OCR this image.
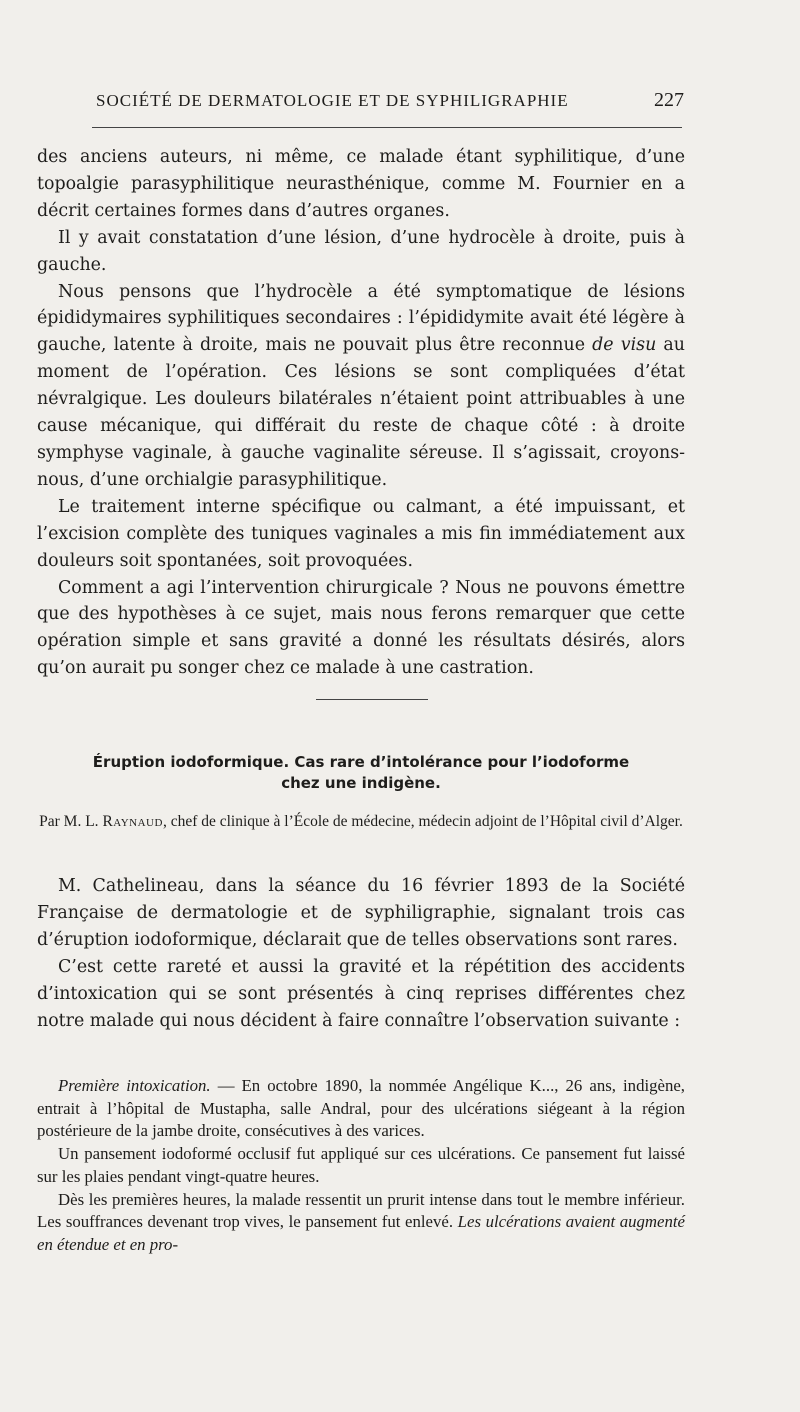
SOCIÉTÉ DE DERMATOLOGIE ET DE SYPHILIGRAPHIE	227

des anciens auteurs, ni même, ce malade étant syphilitique, d’une topoalgie parasyphilitique neurasthénique, comme M. Fournier en a décrit certaines formes dans d’autres organes.

Il y avait constatation d’une lésion, d’une hydrocèle à droite, puis à gauche.

Nous pensons que l’hydrocèle a été symptomatique de lésions épididymaires syphilitiques secondaires : l’épididymite avait été légère à gauche, latente à droite, mais ne pouvait plus être reconnue de visu au moment de l’opération. Ces lésions se sont compliquées d’état névralgique. Les douleurs bilatérales n’étaient point attribuables à une cause mécanique, qui différait du reste de chaque côté : à droite symphyse vaginale, à gauche vaginalite séreuse. Il s’agissait, croyons-nous, d’une orchialgie parasyphilitique.

Le traitement interne spécifique ou calmant, a été impuissant, et l’excision complète des tuniques vaginales a mis fin immédiatement aux douleurs soit spontanées, soit provoquées.

Comment a agi l’intervention chirurgicale ? Nous ne pouvons émettre que des hypothèses à ce sujet, mais nous ferons remarquer que cette opération simple et sans gravité a donné les résultats désirés, alors qu’on aurait pu songer chez ce malade à une castration.

Éruption iodoformique. Cas rare d’intolérance pour l’iodoforme
chez une indigène.
Par M. L. Raynaud, chef de clinique à l’École de médecine, médecin adjoint de l’Hôpital civil d’Alger.

M. Cathelineau, dans la séance du 16 février 1893 de la Société Française de dermatologie et de syphiligraphie, signalant trois cas d’éruption iodoformique, déclarait que de telles observations sont rares.

C’est cette rareté et aussi la gravité et la répétition des accidents d’intoxication qui se sont présentés à cinq reprises différentes chez notre malade qui nous décident à faire connaître l’observation suivante :

Première intoxication. — En octobre 1890, la nommée Angélique K..., 26 ans, indigène, entrait à l’hôpital de Mustapha, salle Andral, pour des ulcérations siégeant à la région postérieure de la jambe droite, consécutives à des varices.

Un pansement iodoformé occlusif fut appliqué sur ces ulcérations. Ce pansement fut laissé sur les plaies pendant vingt-quatre heures.

Dès les premières heures, la malade ressentit un prurit intense dans tout le membre inférieur. Les souffrances devenant trop vives, le pansement fut enlevé. Les ulcérations avaient augmenté en étendue et en pro-
